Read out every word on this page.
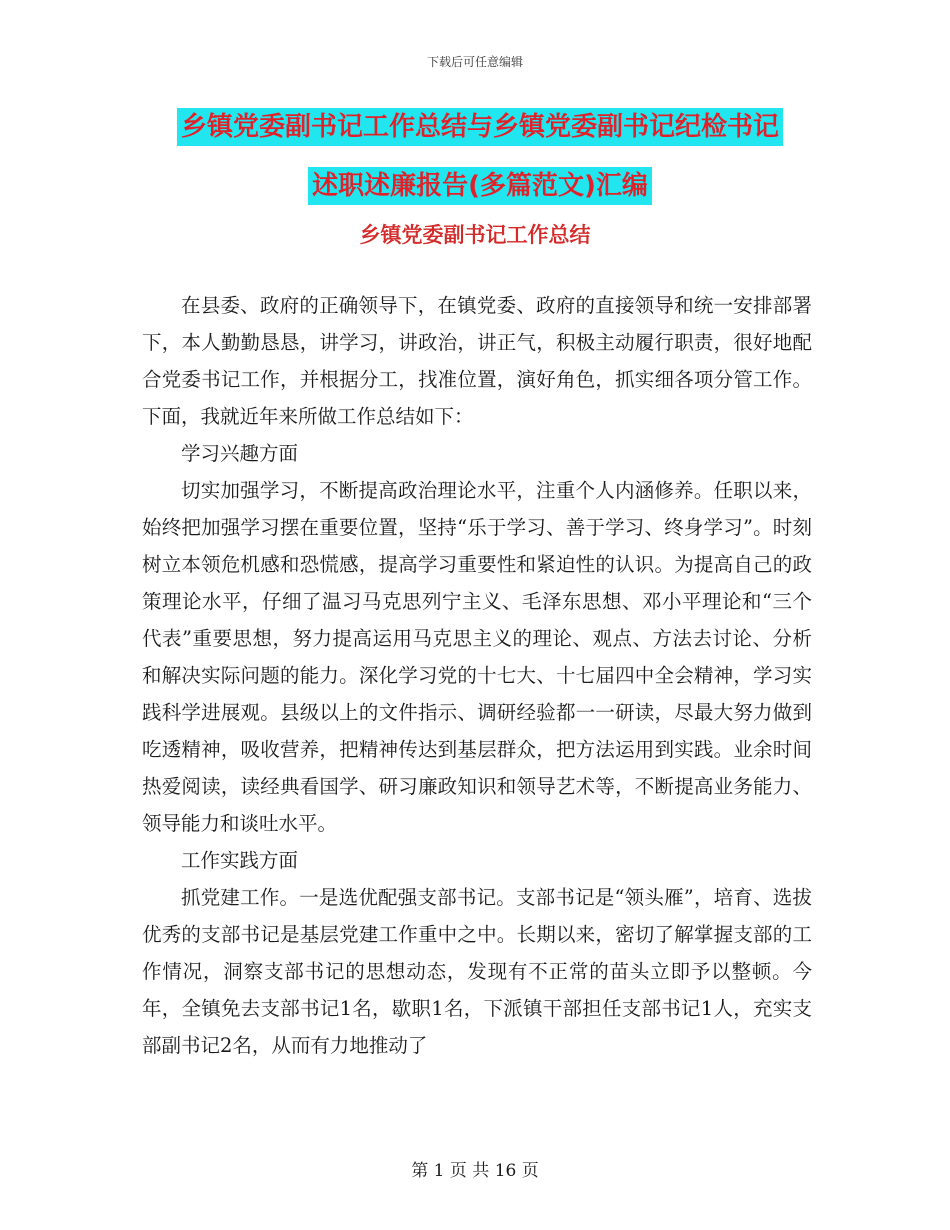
下载后可任意编辑
乡镇党委副书记工作总结与乡镇党委副书记纪检书记
述职述廉报告(多篇范文)汇编
乡镇党委副书记工作总结

在县委、政府的正确领导下，在镇党委、政府的直接领导和统一安排部署下，本人勤勤恳恳，讲学习，讲政治，讲正气，积极主动履行职责，很好地配合党委书记工作，并根据分工，找准位置，演好角色，抓实细各项分管工作。下面，我就近年来所做工作总结如下：

学习兴趣方面

切实加强学习，不断提高政治理论水平，注重个人内涵修养。任职以来，始终把加强学习摆在重要位置，坚持“乐于学习、善于学习、终身学习”。时刻树立本领危机感和恐慌感，提高学习重要性和紧迫性的认识。为提高自己的政策理论水平，仔细了温习马克思列宁主义、毛泽东思想、邓小平理论和“三个代表”重要思想，努力提高运用马克思主义的理论、观点、方法去讨论、分析和解决实际问题的能力。深化学习党的十七大、十七届四中全会精神，学习实践科学进展观。县级以上的文件指示、调研经验都一一研读，尽最大努力做到吃透精神，吸收营养，把精神传达到基层群众，把方法运用到实践。业余时间热爱阅读，读经典看国学、研习廉政知识和领导艺术等，不断提高业务能力、领导能力和谈吐水平。

工作实践方面

抓党建工作。一是选优配强支部书记。支部书记是“领头雁”，培育、选拔优秀的支部书记是基层党建工作重中之中。长期以来，密切了解掌握支部的工作情况，洞察支部书记的思想动态，发现有不正常的苗头立即予以整顿。今年，全镇免去支部书记1名，歇职1名，下派镇干部担任支部书记1人，充实支部副书记2名，从而有力地推动了

第 1 页 共 16 页
